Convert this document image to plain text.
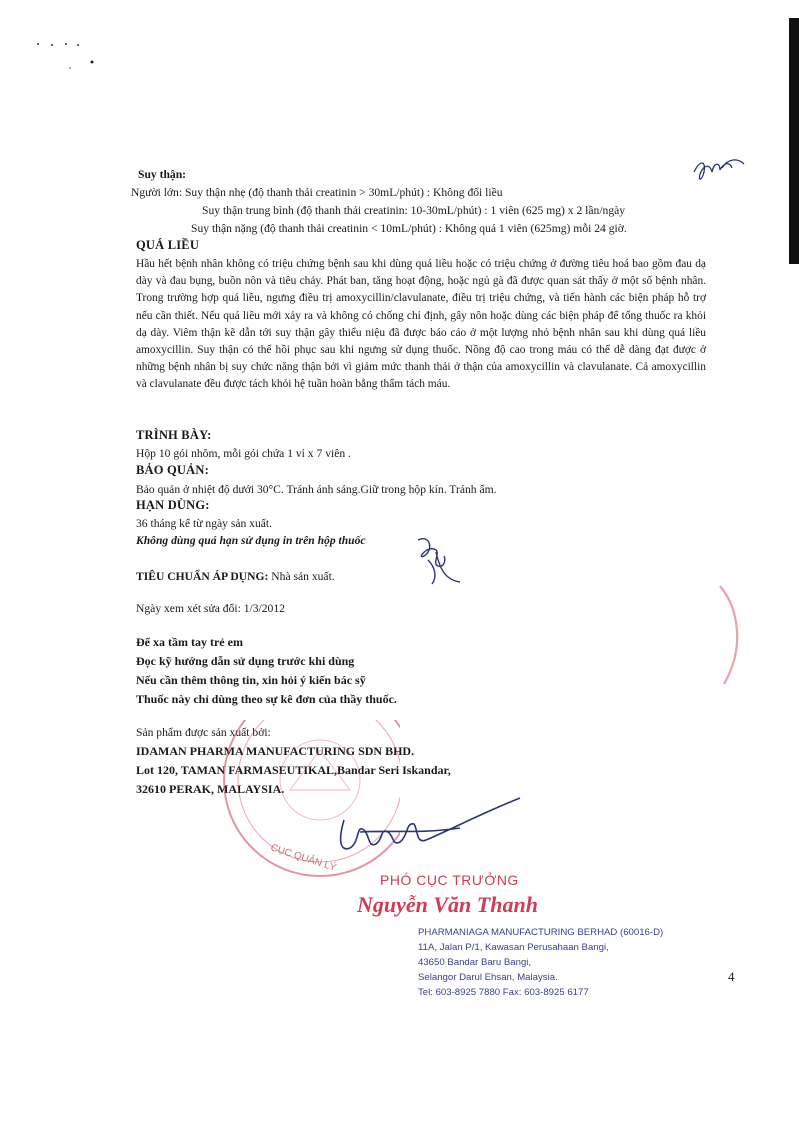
Suy thận:
Người lớn: Suy thận nhẹ (độ thanh thải creatinin > 30mL/phút) : Không đổi liều
Suy thận trung bình (độ thanh thải creatinin: 10-30mL/phút) : 1 viên (625 mg) x 2 lần/ngày
Suy thận nặng (độ thanh thải creatinin < 10mL/phút) : Không quá 1 viên (625mg) mỗi 24 giờ.
QUÁ LIỀU
Hầu hết bệnh nhân không có triệu chứng bệnh sau khi dùng quá liều hoặc có triệu chứng ở đường tiêu hoá bao gồm đau dạ dày và đau bụng, buồn nôn và tiêu chảy. Phát ban, tăng hoạt động, hoặc ngủ gà đã được quan sát thấy ở một số bệnh nhân. Trong trường hợp quá liều, ngưng điều trị amoxycillin/clavulanate, điều trị triệu chứng, và tiến hành các biện pháp hỗ trợ nếu cần thiết. Nếu quá liều mới xảy ra và không có chống chỉ định, gây nôn hoặc dùng các biện pháp để tống thuốc ra khỏi dạ dày. Viêm thận kẽ dẫn tới suy thận gây thiểu niệu đã được báo cáo ở một lượng nhỏ bệnh nhân sau khi dùng quá liều amoxycillin. Suy thận có thể hồi phục sau khi ngưng sử dụng thuốc. Nồng độ cao trong máu có thể dễ dàng đạt được ở những bệnh nhân bị suy chức năng thận bởi vì giảm mức thanh thải ở thận của amoxycillin và clavulanate. Cả amoxycillin và clavulanate đều được tách khỏi hệ tuần hoàn bằng thẩm tách máu.
TRÌNH BÀY:
Hộp 10 gói nhôm, mỗi gói chứa 1 vỉ x 7 viên .
BẢO QUẢN:
Bảo quản ở nhiệt độ dưới 30°C. Tránh ánh sáng.Giữ trong hộp kín. Tránh ẩm.
HẠN DÙNG:
36 tháng kể từ ngày sản xuất.
Không dùng quá hạn sử dụng in trên hộp thuốc
TIÊU CHUẨN ÁP DỤNG: Nhà sản xuất.
Ngày xem xét sửa đổi: 1/3/2012
Để xa tầm tay trẻ em
Đọc kỹ hướng dẫn sử dụng trước khi dùng
Nếu cần thêm thông tin, xin hỏi ý kiến bác sỹ
Thuốc này chỉ dùng theo sự kê đơn của thầy thuốc.
Sản phẩm được sản xuất bởi:
IDAMAN PHARMA MANUFACTURING SDN BHD.
Lot 120, TAMAN FARMASEUTIKAL,Bandar Seri Iskandar,
32610 PERAK, MALAYSIA.
CỤC QUẢN LÝ
PHÓ CỤC TRƯỞNG
Nguyễn Văn Thanh
PHARMANIAGA MANUFACTURING BERHAD (60016-D)
11A, Jalan P/1, Kawasan Perusahaan Bangi,
43650 Bandar Baru Bangi,
Selangor Darul Ehsan, Malaysia.
Tel: 603-8925 7880 Fax: 603-8925 6177
4
